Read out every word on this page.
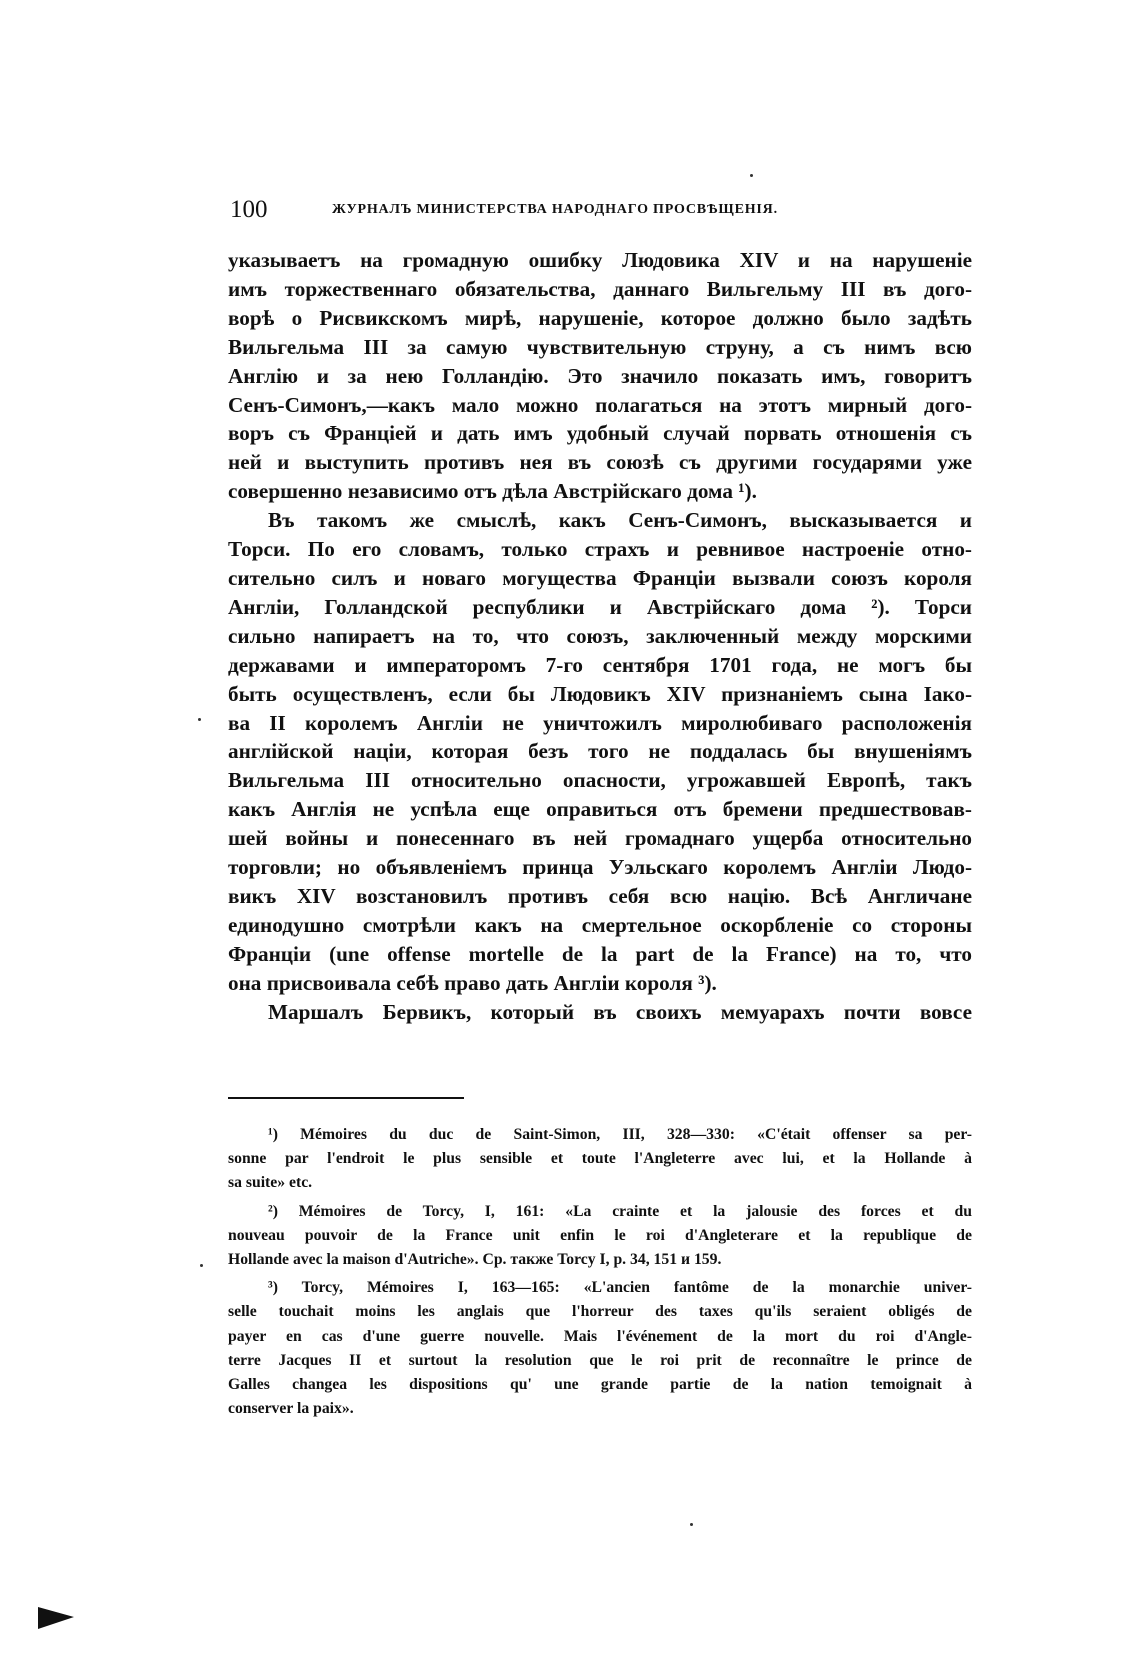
100	ЖУРНАЛЪ МИНИСТЕРСТВА НАРОДНАГО ПРОСВѢЩЕНІЯ.

указываетъ на громадную ошибку Людовика XIV и на нарушеніе

имъ торжественнаго обязательства, даннаго Вильгельму III въ дого-

ворѣ о Рисвикскомъ мирѣ, нарушеніе, которое должно было задѣть

Вильгельма III за самую чувствительную струну, а съ нимъ всю

Англію и за нею Голландію. Это значило показать имъ, говоритъ

Сенъ-Симонъ,—какъ мало можно полагаться на этотъ мирный дого-

воръ съ Франціей и дать имъ удобный случай порвать отношенія съ

ней и выступить противъ нея въ союзѣ съ другими государями уже

совершенно независимо отъ дѣла Австрійскаго дома ¹).

Въ такомъ же смыслѣ, какъ Сенъ-Симонъ, высказывается и

Торси. По его словамъ, только страхъ и ревнивое настроеніе отно-

сительно силъ и новаго могущества Франціи вызвали союзъ короля

Англіи, Голландской республики и Австрійскаго дома ²). Торси

сильно напираетъ на то, что союзъ, заключенный между морскими

державами и императоромъ 7-го сентября 1701 года, не могъ бы

быть осуществленъ, если бы Людовикъ XIV признаніемъ сына Іако-

ва II королемъ Англіи не уничтожилъ миролюбиваго расположенія

англійской націи, которая безъ того не поддалась бы внушеніямъ

Вильгельма III относительно опасности, угрожавшей Европѣ, такъ

какъ Англія не успѣла еще оправиться отъ бремени предшествовав-

шей войны и понесеннаго въ ней громаднаго ущерба относительно

торговли; но объявленіемъ принца Уэльскаго королемъ Англіи Людо-

викъ XIV возстановилъ противъ себя всю націю. Всѣ Англичане

единодушно смотрѣли какъ на смертельное оскорбленіе со стороны

Франціи (une offense mortelle de la part de la France) на то, что

она присвоивала себѣ право дать Англіи короля ³).

Маршалъ Бервикъ, который въ своихъ мемуарахъ почти вовсе

¹) Mémoires du duc de Saint-Simon, III, 328—330: «C'était offenser sa per-

sonne par l'endroit le plus sensible et toute l'Angleterre avec lui, et la Hollande à

sa suite» etc.

²) Mémoires de Torcy, I, 161: «La crainte et la jalousie des forces et du

nouveau pouvoir de la France unit enfin le roi d'Angleterare et la republique de

Hollande avec la maison d'Autriche». Ср. также Torcy I, p. 34, 151 и 159.

³) Torcy, Mémoires I, 163—165: «L'ancien fantôme de la monarchie univer-

selle touchait moins les anglais que l'horreur des taxes qu'ils seraient obligés de

payer en cas d'une guerre nouvelle. Mais l'événement de la mort du roi d'Angle-

terre Jacques II et surtout la resolution que le roi prit de reconnaître le prince de

Galles changea les dispositions qu' une grande partie de la nation temoignait à

conserver la paix».
